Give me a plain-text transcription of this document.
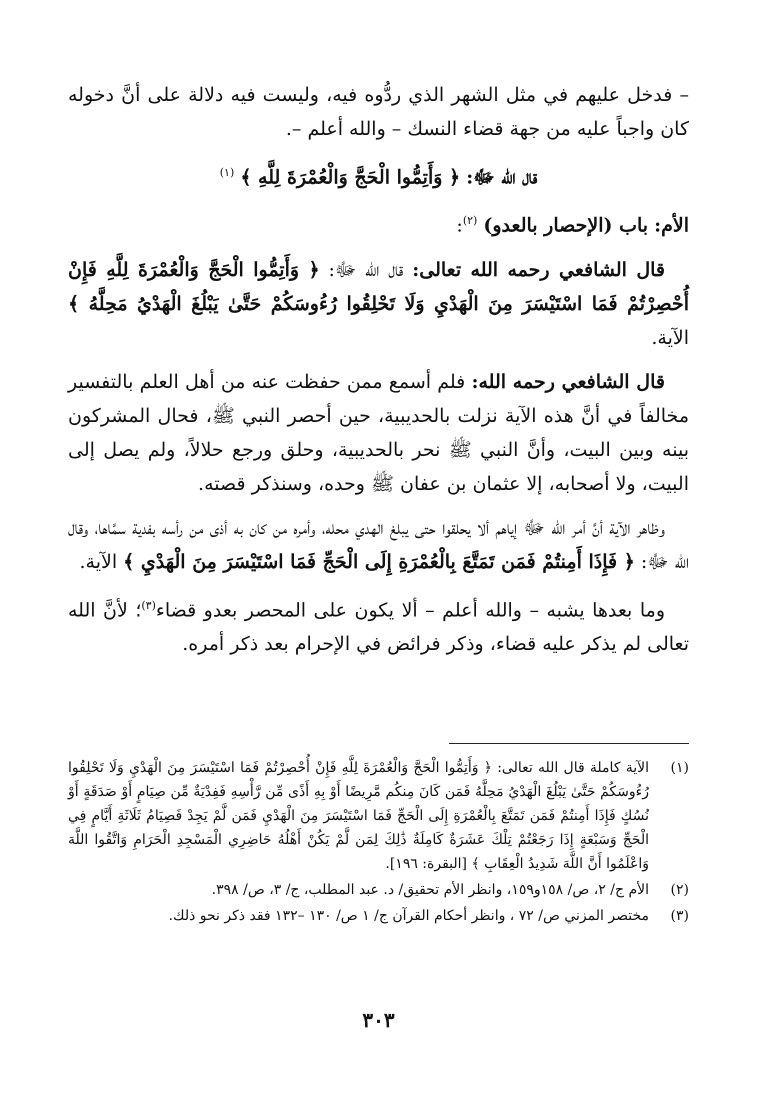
– فدخل عليهم في مثل الشهر الذي ردُّوه فيه، وليست فيه دلالة على أنَّ دخوله كان واجباً عليه من جهة قضاء النسك – والله أعلم –.

قال الله ﷻ: ﴿ وَأَتِمُّوا الْحَجَّ وَالْعُمْرَةَ لِلَّهِ ﴾ $^{(١)}$

الأم: باب (الإحصار بالعدو) $^{(٢)}$:

قال الشافعي رحمه الله تعالى: قال الله ﷻ: ﴿ وَأَتِمُّوا الْحَجَّ وَالْعُمْرَةَ لِلَّهِ فَإِنْ أُحْصِرْتُمْ فَمَا اسْتَيْسَرَ مِنَ الْهَدْيِ وَلَا تَحْلِقُوا رُءُوسَكُمْ حَتَّىٰ يَبْلُغَ الْهَدْيُ مَحِلَّهُ ﴾ الآية.

قال الشافعي رحمه الله: فلم أسمع ممن حفظت عنه من أهل العلم بالتفسير مخالفاً في أنَّ هذه الآية نزلت بالحديبية، حين أحصر النبي ﷺ، فحال المشركون بينه وبين البيت، وأنَّ النبي ﷺ نحر بالحديبية، وحلق ورجع حلالاً، ولم يصل إلى البيت، ولا أصحابه، إلا عثمان بن عفان ﷺ وحده، وسنذكر قصته.

وظاهر الآية أنَّ أمر الله ﷻ إياهم ألا يحلقوا حتى يبلغ الهدي محله، وأمره من كان به أذى من رأسه بفدية سمَّاها، وقال الله ﷻ: ﴿ فَإِذَا أَمِنتُمْ فَمَن تَمَتَّعَ بِالْعُمْرَةِ إِلَى الْحَجِّ فَمَا اسْتَيْسَرَ مِنَ الْهَدْيِ ﴾ الآية.

وما بعدها يشبه – والله أعلم – ألا يكون على المحصر بعدو قضاء$^{(٣)}$؛ لأنَّ الله تعالى لم يذكر عليه قضاء، وذكر فرائض في الإحرام بعد ذكر أمره.

(١)
الآية كاملة قال الله تعالى: ﴿ وَأَتِمُّوا الْحَجَّ وَالْعُمْرَةَ لِلَّهِ فَإِنْ أُحْصِرْتُمْ فَمَا اسْتَيْسَرَ مِنَ الْهَدْيِ وَلَا تَحْلِقُوا رُءُوسَكُمْ حَتَّىٰ يَبْلُغَ الْهَدْيُ مَحِلَّهُ فَمَن كَانَ مِنكُم مَّرِيضًا أَوْ بِهِ أَذًى مِّن رَّأْسِهِ فَفِدْيَةٌ مِّن صِيَامٍ أَوْ صَدَقَةٍ أَوْ نُسُكٍ فَإِذَا أَمِنتُمْ فَمَن تَمَتَّعَ بِالْعُمْرَةِ إِلَى الْحَجِّ فَمَا اسْتَيْسَرَ مِنَ الْهَدْيِ فَمَن لَّمْ يَجِدْ فَصِيَامُ ثَلَاثَةِ أَيَّامٍ فِي الْحَجِّ وَسَبْعَةٍ إِذَا رَجَعْتُمْ تِلْكَ عَشَرَةٌ كَامِلَةٌ ذَٰلِكَ لِمَن لَّمْ يَكُنْ أَهْلُهُ حَاضِرِي الْمَسْجِدِ الْحَرَامِ وَاتَّقُوا اللَّهَ وَاعْلَمُوا أَنَّ اللَّهَ شَدِيدُ الْعِقَابِ ﴾ [البقرة: ١٩٦].
(٢)
الأم ج/ ٢، ص/ ١٥٨و١٥٩، وانظر الأم تحقيق/ د. عبد المطلب، ج/ ٣، ص/ ٣٩٨.
(٣)
مختصر المزني ص/ ٧٢ ، وانظر أحكام القرآن ج/ ١ ص/ ١٣٠ –١٣٢ فقد ذكر نحو ذلك.
٣٠٣
